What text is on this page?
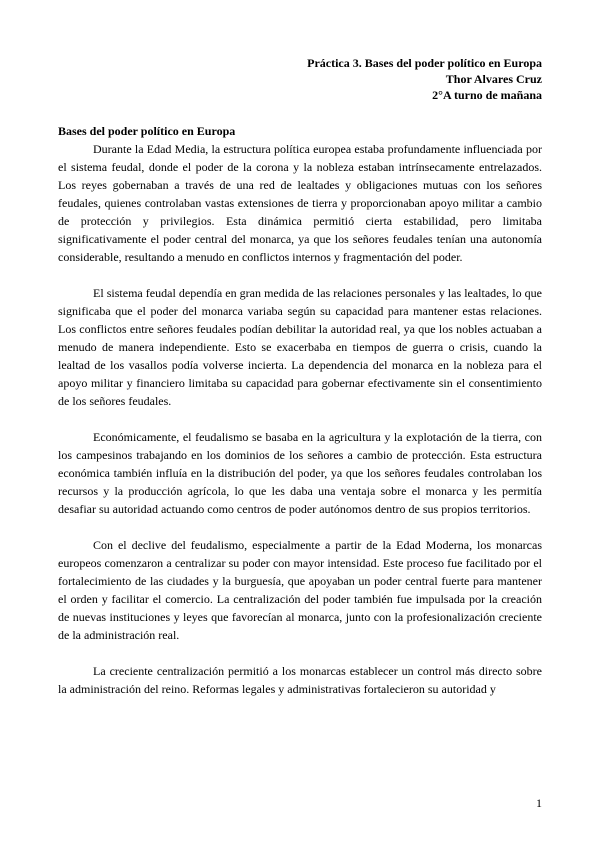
Práctica 3. Bases del poder político en Europa
Thor Alvares Cruz
2°A turno de mañana

Bases del poder político en Europa

Durante la Edad Media, la estructura política europea estaba profundamente influenciada por el sistema feudal, donde el poder de la corona y la nobleza estaban intrínsecamente entrelazados. Los reyes gobernaban a través de una red de lealtades y obligaciones mutuas con los señores feudales, quienes controlaban vastas extensiones de tierra y proporcionaban apoyo militar a cambio de protección y privilegios. Esta dinámica permitió cierta estabilidad, pero limitaba significativamente el poder central del monarca, ya que los señores feudales tenían una autonomía considerable, resultando a menudo en conflictos internos y fragmentación del poder.

El sistema feudal dependía en gran medida de las relaciones personales y las lealtades, lo que significaba que el poder del monarca variaba según su capacidad para mantener estas relaciones. Los conflictos entre señores feudales podían debilitar la autoridad real, ya que los nobles actuaban a menudo de manera independiente. Esto se exacerbaba en tiempos de guerra o crisis, cuando la lealtad de los vasallos podía volverse incierta. La dependencia del monarca en la nobleza para el apoyo militar y financiero limitaba su capacidad para gobernar efectivamente sin el consentimiento de los señores feudales.

Económicamente, el feudalismo se basaba en la agricultura y la explotación de la tierra, con los campesinos trabajando en los dominios de los señores a cambio de protección. Esta estructura económica también influía en la distribución del poder, ya que los señores feudales controlaban los recursos y la producción agrícola, lo que les daba una ventaja sobre el monarca y les permitía desafiar su autoridad actuando como centros de poder autónomos dentro de sus propios territorios.

Con el declive del feudalismo, especialmente a partir de la Edad Moderna, los monarcas europeos comenzaron a centralizar su poder con mayor intensidad. Este proceso fue facilitado por el fortalecimiento de las ciudades y la burguesía, que apoyaban un poder central fuerte para mantener el orden y facilitar el comercio. La centralización del poder también fue impulsada por la creación de nuevas instituciones y leyes que favorecían al monarca, junto con la profesionalización creciente de la administración real.

La creciente centralización permitió a los monarcas establecer un control más directo sobre la administración del reino. Reformas legales y administrativas fortalecieron su autoridad y

1
